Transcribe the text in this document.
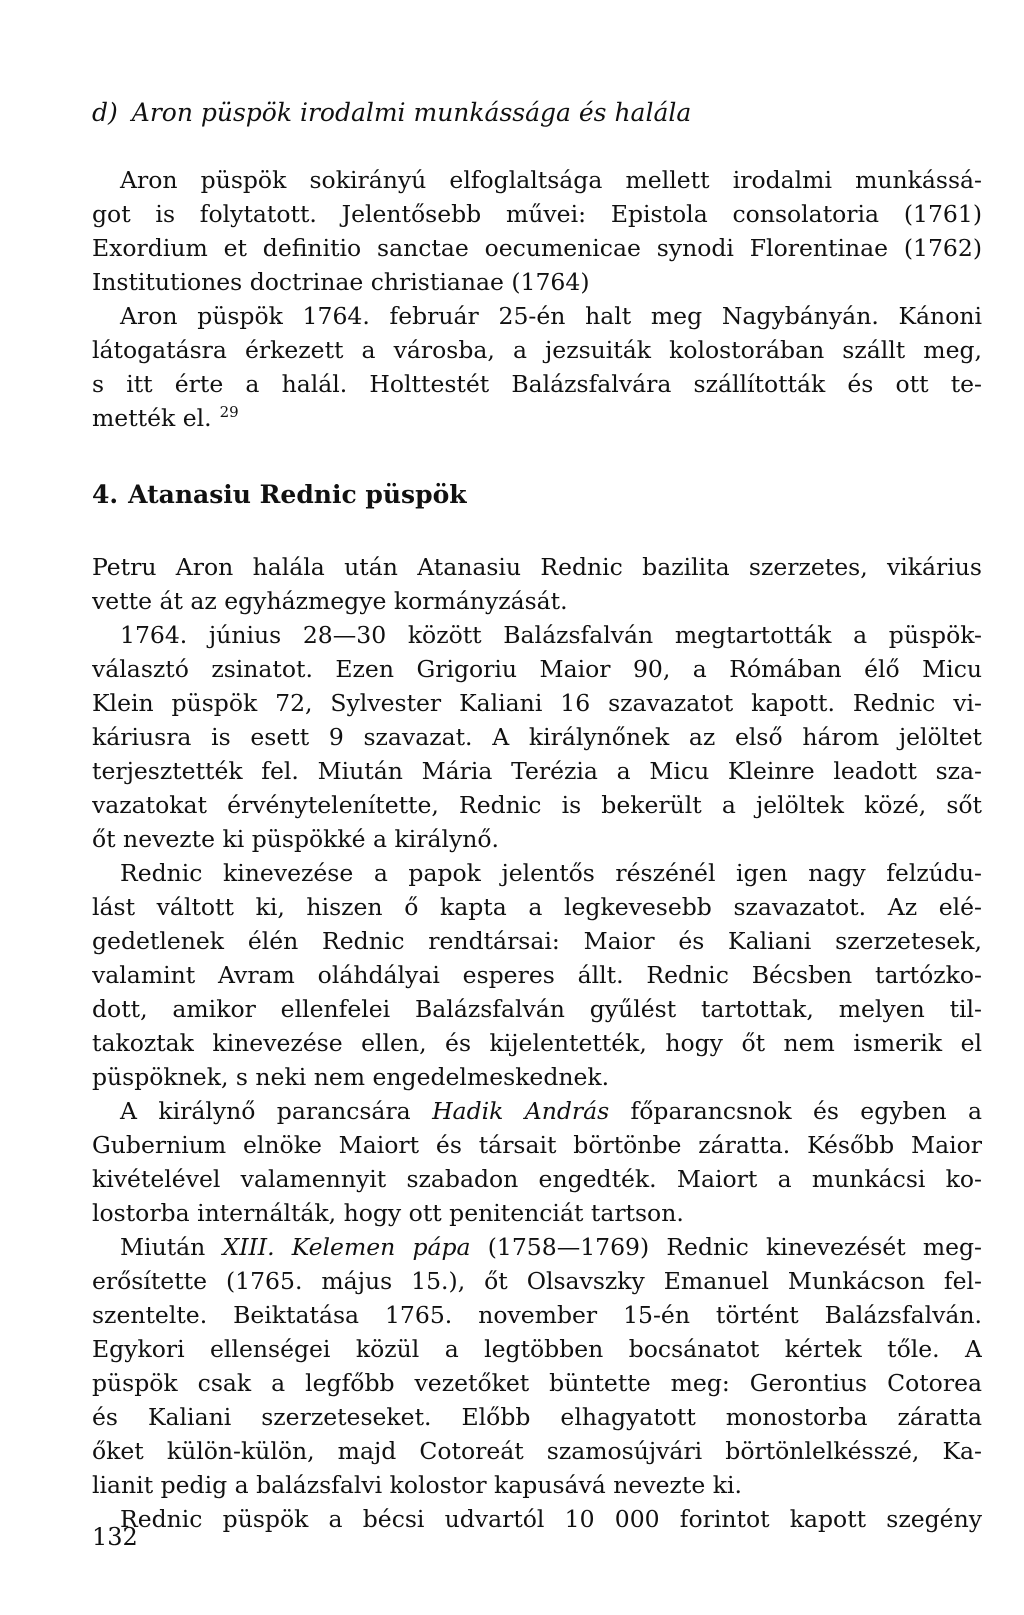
d) Aron püspök irodalmi munkássága és halála
Aron püspök sokirányú elfoglaltsága mellett irodalmi munkássá-
got is folytatott. Jelentősebb művei: Epistola consolatoria (1761)
Exordium et definitio sanctae oecumenicae synodi Florentinae (1762)
Institutiones doctrinae christianae (1764)
Aron püspök 1764. február 25-én halt meg Nagybányán. Kánoni
látogatásra érkezett a városba, a jezsuiták kolostorában szállt meg,
s itt érte a halál. Holttestét Balázsfalvára szállították és ott te-
mették el. $^{29}$
4. Atanasiu Rednic püspök
Petru Aron halála után Atanasiu Rednic bazilita szerzetes, vikárius
vette át az egyházmegye kormányzását.
1764. június 28—30 között Balázsfalván megtartották a püspök-
választó zsinatot. Ezen Grigoriu Maior 90, a Rómában élő Micu
Klein püspök 72, Sylvester Kaliani 16 szavazatot kapott. Rednic vi-
káriusra is esett 9 szavazat. A királynőnek az első három jelöltet
terjesztették fel. Miután Mária Terézia a Micu Kleinre leadott sza-
vazatokat érvénytelenítette, Rednic is bekerült a jelöltek közé, sőt
őt nevezte ki püspökké a királynő.
Rednic kinevezése a papok jelentős részénél igen nagy felzúdu-
lást váltott ki, hiszen ő kapta a legkevesebb szavazatot. Az elé-
gedetlenek élén Rednic rendtársai: Maior és Kaliani szerzetesek,
valamint Avram oláhdályai esperes állt. Rednic Bécsben tartózko-
dott, amikor ellenfelei Balázsfalván gyűlést tartottak, melyen til-
takoztak kinevezése ellen, és kijelentették, hogy őt nem ismerik el
püspöknek, s neki nem engedelmeskednek.
A királynő parancsára Hadik András főparancsnok és egyben a
Gubernium elnöke Maiort és társait börtönbe záratta. Később Maior
kivételével valamennyit szabadon engedték. Maiort a munkácsi ko-
lostorba internálták, hogy ott penitenciát tartson.
Miután XIII. Kelemen pápa (1758—1769) Rednic kinevezését meg-
erősítette (1765. május 15.), őt Olsavszky Emanuel Munkácson fel-
szentelte. Beiktatása 1765. november 15-én történt Balázsfalván.
Egykori ellenségei közül a legtöbben bocsánatot kértek tőle. A
püspök csak a legfőbb vezetőket büntette meg: Gerontius Cotorea
és Kaliani szerzeteseket. Előbb elhagyatott monostorba záratta
őket külön-külön, majd Cotoreát szamosújvári börtönlelkésszé, Ka-
lianit pedig a balázsfalvi kolostor kapusává nevezte ki.
Rednic püspök a bécsi udvartól 10 000 forintot kapott szegény
132
